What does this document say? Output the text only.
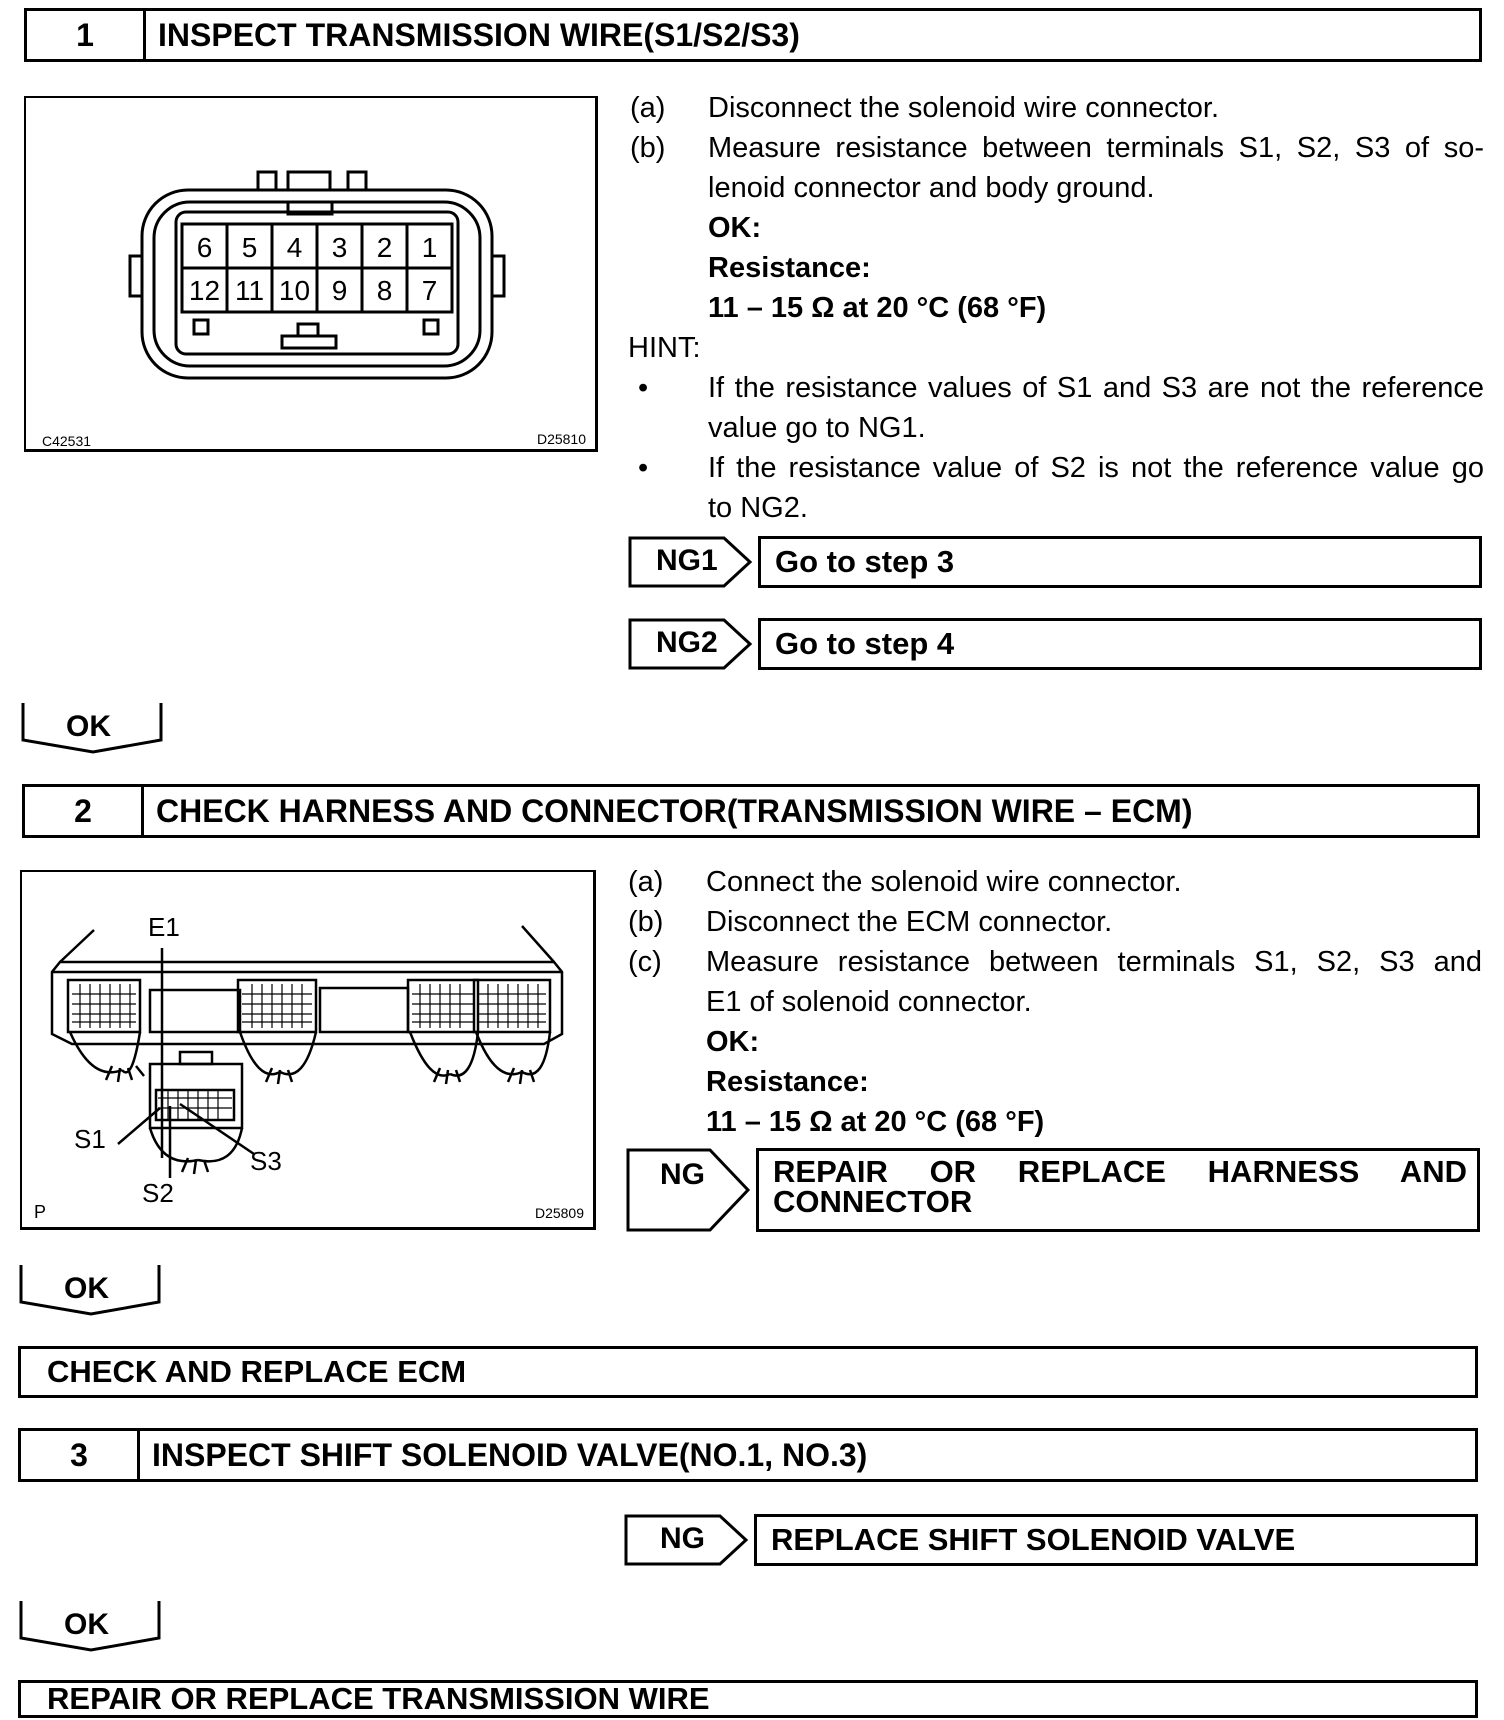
1	INSPECT TRANSMISSION WIRE(S1/S2/S3)
6 5 4 3 2 1
12 11 10 9 8 7
C42531	D25810
(a) Disconnect the solenoid wire connector.
(b) Measure resistance between terminals S1, S2, S3 of so-
lenoid connector and body ground.
OK:
Resistance:
11 – 15 Ω at 20 °C (68 °F)
HINT:
• If the resistance values of S1 and S3 are not the reference
value go to NG1.
• If the resistance value of S2 is not the reference value go
to NG2.
NG1	Go to step 3
NG2	Go to step 4
OK
2	CHECK HARNESS AND CONNECTOR(TRANSMISSION WIRE – ECM)
E1
S1
S2
S3
P	D25809
(a) Connect the solenoid wire connector.
(b) Disconnect the ECM connector.
(c) Measure resistance between terminals S1, S2, S3 and
E1 of solenoid connector.
OK:
Resistance:
11 – 15 Ω at 20 °C (68 °F)
NG REPAIR OR REPLACE HARNESS AND
CONNECTOR
OK
CHECK AND REPLACE ECM
3	INSPECT SHIFT SOLENOID VALVE(NO.1, NO.3)
NG	REPLACE SHIFT SOLENOID VALVE
OK
REPAIR OR REPLACE TRANSMISSION WIRE
